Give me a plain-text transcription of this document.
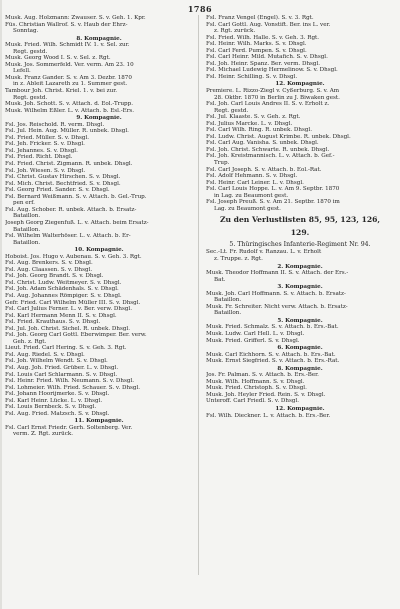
1786
Musk. Aug. Holzmann: Zwauser. S. v. Geh. 1. Kpr.
Füs. Christian Wallrof. S. v. Haub der Ehrz-
Sonntag.
8. Kompagnie.
Musk. Fried. Wilh. Schmidt IV. 1. v. Sel. zur.
Regt. gestd.
Musk. Georg Wood I. S. v. Sel. z. Rgt.
Musk. Jos. Sommerfeld. Ver. verm. Am 23. 10
Lefell.
Musk. Franz Gander. S. v. Am 3. Dezbr. 1870
in z. Ableit Lazareth zu 1. Summer gest.
Tambour Joh. Christ. Kriel. 1. v. bei zur.
Regt. gestd.
Musk. Joh. Schott. S. v. Attach. d. Eol.-Trupp.
Musk. Wilhelm Eßler. L. v. Attach. b. Esl.-Ers.
9. Kompagnie.
Fsl. Jos. Reischold. R. verm. Dhsgl.
Fsl. Jul. Hein. Aug. Müller. R. unbek. Dhsgl.
Fsl. Fried. Müller. S. v. Dhsgl.
Fsl. Jeh. Fricker. S. v. Dhsgl.
Fsl. Jehannes. S. v. Dhsgl.
Fsl. Fried. Richt. Dhsgl.
Fsl. Fried. Christ. Zigmann. R. unbek. Dhsgl.
Fsl. Joh. Wiesen. S. v. Dhsgl.
Fsl. Christ. Gustav Hirschen. S. v. Dhsgl.
Fsl. Mich. Christ. Bechtfried. S. v. Dhsgl.
Fsl. Georg Fried. Sander. S. v. Dhsgl.
Fsl. Bernard Weißmann. S. v. Attach. b. Gel.-Trup.
pen erf.
Fsl. Aug. Schober. R. unbek. Attach. b. Ersatz-
Bataillon.
Joseph Georg Ziegenfuß. L. v. Attach. beim Ersatz-
Bataillon.
Fsl. Wilhelm Walterhöser. L. v. Attach. b. Er-
Bataillon.
10. Kompagnie.
Hoboist. Jos. Hugo v. Aubenau. S. v. Geh. 3. Rgt.
Fsl. Aug. Brenkers. S. v. Dhsgl.
Fsl. Aug. Claassen. S. v. Dhsgl.
Fsl. Joh. Georg Brandt. S. v. Dhsgl.
Fsl. Christ. Ludw. Weitmeyer. S. v. Dhsgl.
Fsl. Joh. Adam Schädenhals. S. v. Dhsgl.
Fsl. Aug. Johannes Römpiger. S. v. Dhsgl.
Gefr. Fried. Carl Wilhelm Müller III. S. v. Dhsgl.
Fsl. Carl Julius Ferner. L. v. Ber. verw. Dhsgl.
Fsl. Karl Hermann Menn II. S. v. Dhsgl.
Fsl. Fried. Krauthaus. S. v. Dhsgl.
Fsl. Jul. Joh. Christ. Sichel. R. unbek. Dhsgl.
Fsl. Joh. Georg Carl Gottl. Eberwimper. Ber. verw.
Geh. z. Rgt.
Lieut. Fried. Carl Hering. S. v. Geh. 3. Rgt.
Fsl. Aug. Riedel. S. v. Dhsgl.
Fsl. Joh. Wilhelm Wendt. S. v. Dhsgl.
Fsl. Aug. Joh. Fried. Grüber. L. v. Dhsgl.
Fsl. Louis Carl Schlarmann. S. v. Dhsgl.
Fsl. Heinr. Fried. Wilh. Neumann. S. v. Dhsgl.
Fsl. Lohmeier. Wilh. Fried. Schauer. S. v. Dhsgl.
Fsl. Johann Hoorijmerke. S. v. Dhsgl.
Fsl. Karl Heinr. Lücke. L. v. Dhsgl.
Fsl. Louis Bernbeck. S. v. Dhsgl.
Fsl. Aug. Fried. Matzsch. S. v. Dhsgl.
11. Kompagnie.
Fsl. Carl Ernst Friedr. Gerh. Soltenberg. Ver.
verm. Z. Rgt. zurück.
Fsl. Franz Vengel (Engel). S. v. 3. Rgt.
Fsl. Carl Gottl. Aug. Vonstift. Ber. ins L. ver.
z. Rgt. zurück.
Fsl. Fried. Wilh. Halle. S. v. Geh. 3. Rgt.
Fsl. Heinr. Wilh. Marks. S. v. Dhsgl.
Fsl. Carl Ferd. Pumpen. S. v. Dhsgl.
Fsl. Carl Heinr. Mild. Mutafich. S. v. Dhsgl.
Fsl. Joh. Heinr. Spanz. Ber. verm. Dhsgl.
Fsl. Michael Ludewig Hermelinow. S. v. Dhsgl.
Fsl. Heinr. Schilling. S. v. Dhsgl.
12. Kompagnie.
Premiere. L. Rizzo-Ziegl v. Cyßerburg. S. v. Am
28. Oktbr. 1870 in Berlin zu J. Biwaken gest.
Fsl. Joh. Carl Louis Andres II. S. v. Erholt z.
Regt. gestd.
Fsl. Jul. Klaaste. S. v. Geh. z. Rgt.
Fsl. Julius Marcke. L. v. Dhsgl.
Fsl. Carl Wilh. Ring. R. unbek. Dhsgl.
Fsl. Ludw. Christ. August Krimbe. R. unbek. Dhsgl.
Fsl. Carl Aug. Vanisha. S. unbek. Dhsgl.
Fsl. Joh. Christ. Schwarte. R. unbek. Dhsgl.
Fsl. Joh. Kreistmannisch. L. v. Attach. b. Gef.-
Trup.
Fsl. Carl Joseph. S. v. Attach. b. Eol.-Rat.
Fsl. Adolf Hehmann. S. v. Dhsgl.
Fsl. Heinr. Carl Leiner. L. v. Dhsgl.
Fsl. Carl Louis Hoppe. L. v. Am 9. Septbr. 1870
in Lag. zu Beaumont gest.
Fsl. Joseph Preuß. S. v. Am 21. Septbr. 1870 im
Lag. zu Beaumont gest.
Zu den Verlustlisten 85, 95, 123, 126,
129.
5. Thüringisches Infanterie-Regiment Nr. 94.
Sec.-Lt. Fr. Rudolf v. Ranzau. L. v. Erholt
z. Truppe. z. Rgt.
2. Kompagnie.
Musk. Theodor Hoffmann II. S. v. Attach. der Ers.-
Bat.
3. Kompagnie.
Musk. Joh. Carl Hoffmann. S. v. Attach. b. Ersatz-
Bataillon.
Musk. Fr. Schreiter. Nicht verw. Attach. b. Ersatz-
Bataillon.
5. Kompagnie.
Musk. Fried. Schmalz. S. v. Attach. b. Ers.-Bat.
Musk. Ludw. Carl Hell. L. v. Dhsgl.
Musk. Fried. Grifferl. S. v. Dhsgl.
6. Kompagnie.
Musk. Carl Eichhorn. S. v. Attach. b. Ers.-Bat.
Musk. Ernst Siegfried. S. v. Attach. b. Ers.-Rat.
8. Kompagnie.
Jos. Fr. Palman. S. v. Attach. b. Ers.-Ber.
Musk. Wilh. Hoffmann. S. v. Dhsgl.
Musk. Fried. Christoph. S. v. Dhsgl.
Musk. Joh. Heyler Fried. Rein. S. v. Dhsgl.
Unteroff. Carl Friedl. S. v. Dhsgl.
12. Kompagnie.
Fsl. Wilh. Dieckner. L. v. Attach. b. Ers.-Ber.
